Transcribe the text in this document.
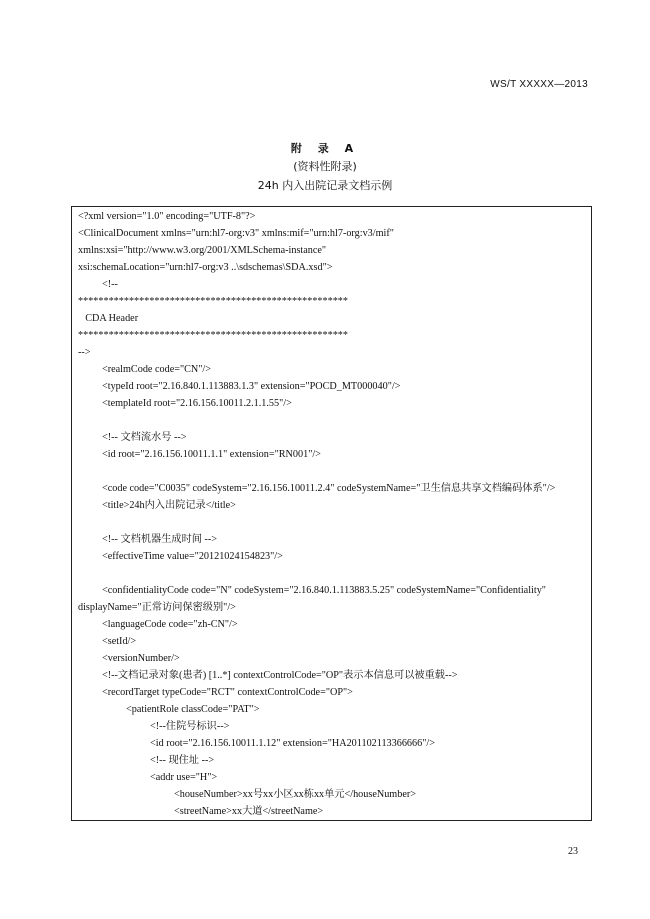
WS/T XXXXX—2013
附 录 A
(资料性附录)
24h 内入出院记录文档示例
<?xml version="1.0" encoding="UTF-8"?>
<ClinicalDocument xmlns="urn:hl7-org:v3" xmlns:mif="urn:hl7-org:v3/mif"
xmlns:xsi="http://www.w3.org/2001/XMLSchema-instance"
xsi:schemaLocation="urn:hl7-org:v3 ..\sdschemas\SDA.xsd">
<!--
*****************************************************
CDA Header
*****************************************************
-->
<realmCode code="CN"/>
<typeId root="2.16.840.1.113883.1.3" extension="POCD_MT000040"/>
<templateId root="2.16.156.10011.2.1.1.55"/>
<!-- 文档流水号 -->
<id root="2.16.156.10011.1.1" extension="RN001"/>
<code code="C0035" codeSystem="2.16.156.10011.2.4" codeSystemName="卫生信息共享文档编码体系"/>
<title>24h内入出院记录</title>
<!-- 文档机器生成时间 -->
<effectiveTime value="20121024154823"/>
<confidentialityCode code="N" codeSystem="2.16.840.1.113883.5.25" codeSystemName="Confidentiality"
displayName="正常访问保密级别"/>
<languageCode code="zh-CN"/>
<setId/>
<versionNumber/>
<!--文档记录对象(患者) [1..*] contextControlCode="OP"表示本信息可以被重载-->
<recordTarget typeCode="RCT" contextControlCode="OP">
<patientRole classCode="PAT">
<!--住院号标识-->
<id root="2.16.156.10011.1.12" extension="HA201102113366666"/>
<!-- 现住址 -->
<addr use="H">
<houseNumber>xx号xx小区xx栋xx单元</houseNumber>
<streetName>xx大道</streetName>
23
